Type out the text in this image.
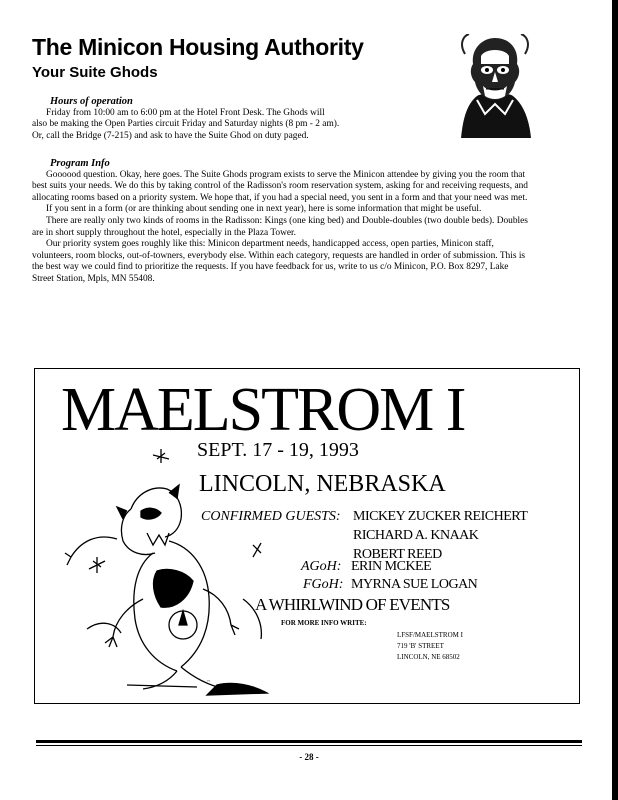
The Minicon Housing Authority
Your Suite Ghods

Hours of operation

Friday from 10:00 am to 6:00 pm at the Hotel Front Desk. The Ghods will

also be making the Open Parties circuit Friday and Saturday nights (8 pm - 2 am).

Or, call the Bridge (7-215) and ask to have the Suite Ghod on duty paged.

Program Info

Goooood question. Okay, here goes. The Suite Ghods program exists to serve the Minicon attendee by giving you the room that best suits your needs. We do this by taking control of the Radisson's room reservation system, asking for and receiving requests, and allocating rooms based on a priority system. We hope that, if you had a special need, you sent in a form and that your need was met.

If you sent in a form (or are thinking about sending one in next year), here is some information that might be useful.

There are really only two kinds of rooms in the Radisson: Kings (one king bed) and Double-doubles (two double beds). Doubles are in short supply throughout the hotel, especially in the Plaza Tower.

Our priority system goes roughly like this: Minicon department needs, handicapped access, open parties, Minicon staff, volunteers, room blocks, out-of-towners, everybody else. Within each category, requests are handled in order of submission. This is the best way we could find to prioritize the requests. If you have feedback for us, write to us c/o Minicon, P.O. Box 8297, Lake Street Station, Mpls, MN 55408.

MAELSTROM I
SEPT. 17 - 19, 1993
LINCOLN, NEBRASKA
CONFIRMED GUESTS: MICKEY ZUCKER REICHERT
RICHARD A. KNAAK
ROBERT REED
AGoH: ERIN MCKEE
FGoH: MYRNA SUE LOGAN
A WHIRLWIND OF EVENTS
FOR MORE INFO WRITE:
LFSF/MAELSTROM I
719 'B' STREET
LINCOLN, NE 68502
~
- 28 -
